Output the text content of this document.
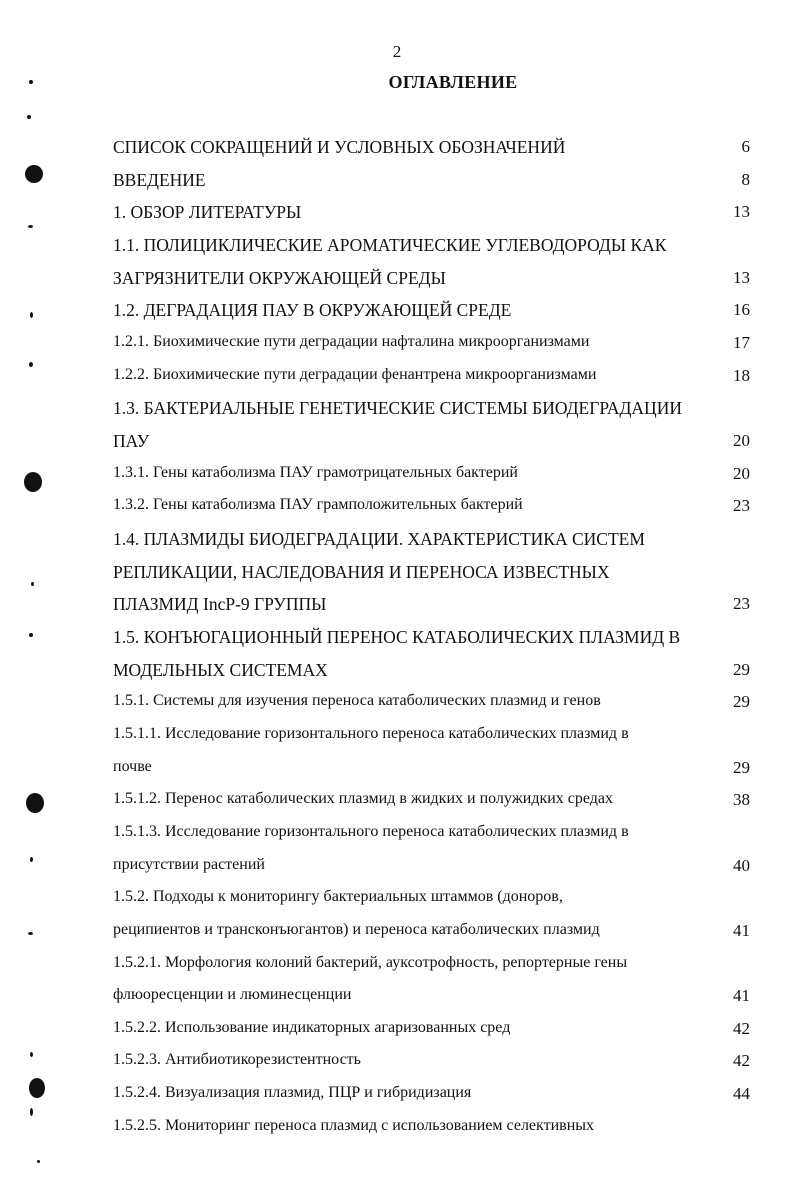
2
ОГЛАВЛЕНИЕ
СПИСОК СОКРАЩЕНИЙ И УСЛОВНЫХ ОБОЗНАЧЕНИЙ	6
ВВЕДЕНИЕ	8
1. ОБЗОР ЛИТЕРАТУРЫ	13
1.1. ПОЛИЦИКЛИЧЕСКИЕ АРОМАТИЧЕСКИЕ УГЛЕВОДОРОДЫ КАК
ЗАГРЯЗНИТЕЛИ ОКРУЖАЮЩЕЙ СРЕДЫ	13
1.2. ДЕГРАДАЦИЯ ПАУ В ОКРУЖАЮЩЕЙ СРЕДЕ	16
1.2.1. Биохимические пути деградации нафталина микроорганизмами	17
1.2.2. Биохимические пути деградации фенантрена микроорганизмами	18
1.3. БАКТЕРИАЛЬНЫЕ ГЕНЕТИЧЕСКИЕ СИСТЕМЫ БИОДЕГРАДАЦИИ
ПАУ	20
1.3.1. Гены катаболизма ПАУ грамотрицательных бактерий	20
1.3.2. Гены катаболизма ПАУ грамположительных бактерий	23
1.4. ПЛАЗМИДЫ БИОДЕГРАДАЦИИ. ХАРАКТЕРИСТИКА СИСТЕМ
РЕПЛИКАЦИИ, НАСЛЕДОВАНИЯ И ПЕРЕНОСА ИЗВЕСТНЫХ
ПЛАЗМИД IncP-9 ГРУППЫ	23
1.5. КОНЪЮГАЦИОННЫЙ ПЕРЕНОС КАТАБОЛИЧЕСКИХ ПЛАЗМИД В
МОДЕЛЬНЫХ СИСТЕМАХ	29
1.5.1. Системы для изучения переноса катаболических плазмид и генов	29
1.5.1.1. Исследование горизонтального переноса катаболических плазмид в
почве	29
1.5.1.2. Перенос катаболических плазмид в жидких и полужидких средах	38
1.5.1.3. Исследование горизонтального переноса катаболических плазмид в
присутствии растений	40
1.5.2. Подходы к мониторингу бактериальных штаммов (доноров,
реципиентов и трансконъюгантов) и переноса катаболических плазмид	41
1.5.2.1. Морфология колоний бактерий, ауксотрофность, репортерные гены
флюоресценции и люминесценции	41
1.5.2.2. Использование индикаторных агаризованных сред	42
1.5.2.3. Антибиотикорезистентность	42
1.5.2.4. Визуализация плазмид, ПЦР и гибридизация	44
1.5.2.5. Мониторинг переноса плазмид с использованием селективных
